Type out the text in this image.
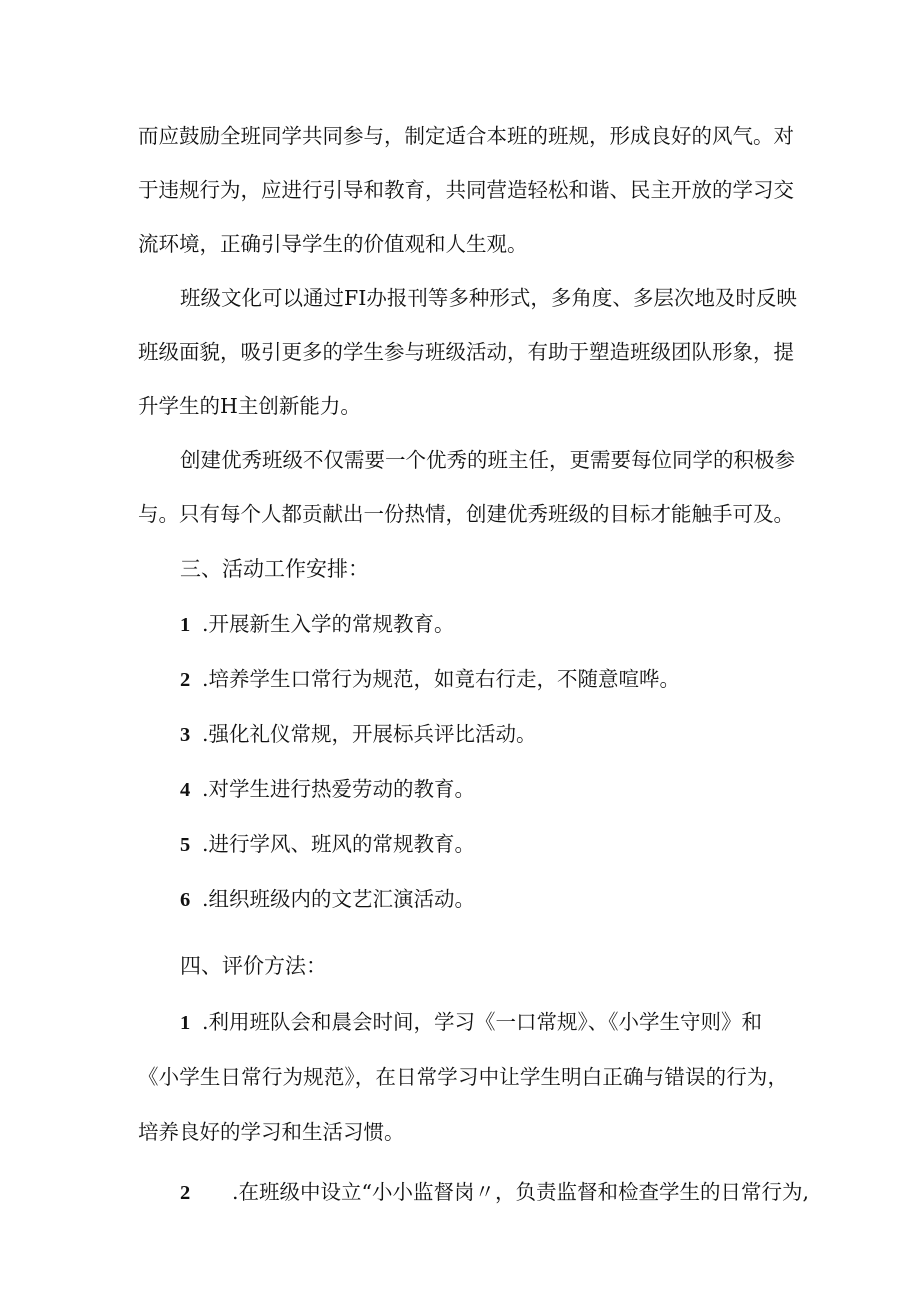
而应鼓励全班同学共同参与，制定适合本班的班规，形成良好的风气。对
于违规行为，应进行引导和教育，共同营造轻松和谐、民主开放的学习交
流环境，正确引导学生的价值观和人生观。
班级文化可以通过FI办报刊等多种形式，多角度、多层次地及时反映
班级面貌，吸引更多的学生参与班级活动，有助于塑造班级团队形象，提
升学生的H主创新能力。
创建优秀班级不仅需要一个优秀的班主任，更需要每位同学的积极参
与。只有每个人都贡献出一份热情，创建优秀班级的目标才能触手可及。
三、活动工作安排：
1 .开展新生入学的常规教育。
2 .培养学生口常行为规范，如竟右行走，不随意喧哗。
3 .强化礼仪常规，开展标兵评比活动。
4 .对学生进行热爱劳动的教育。
5 .进行学风、班风的常规教育。
6 .组织班级内的文艺汇演活动。
四、评价方法：
1 .利用班队会和晨会时间，学习《一口常规》、《小学生守则》和
《小学生日常行为规范》，在日常学习中让学生明白正确与错误的行为，
培养良好的学习和生活习惯。
2 .在班级中设立“小小监督岗〃，负责监督和检查学生的日常行为,
